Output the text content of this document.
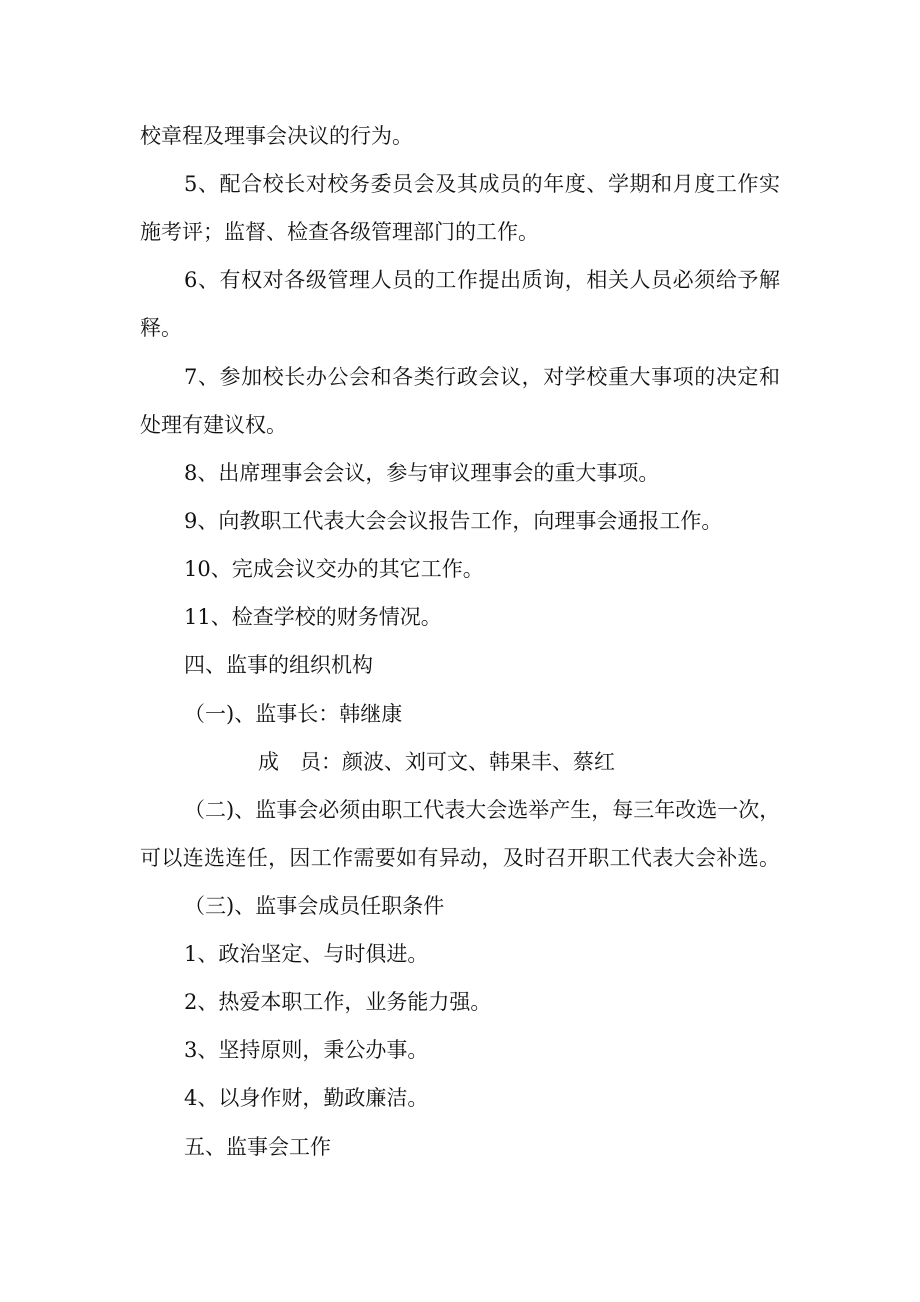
校章程及理事会决议的行为。
5、配合校长对校务委员会及其成员的年度、学期和月度工作实
施考评；监督、检查各级管理部门的工作。
6、有权对各级管理人员的工作提出质询，相关人员必须给予解
释。
7、参加校长办公会和各类行政会议，对学校重大事项的决定和
处理有建议权。
8、出席理事会会议，参与审议理事会的重大事项。
9、向教职工代表大会会议报告工作，向理事会通报工作。
10、完成会议交办的其它工作。
11、检查学校的财务情况。
四、监事的组织机构
（一)、监事长：韩继康
成　员：颜波、刘可文、韩果丰、蔡红
（二)、监事会必须由职工代表大会选举产生，每三年改选一次，
可以连选连任，因工作需要如有异动，及时召开职工代表大会补选。
（三)、监事会成员任职条件
1、政治坚定、与时俱进。
2、热爱本职工作，业务能力强。
3、坚持原则，秉公办事。
4、以身作财，勤政廉洁。
五、监事会工作
